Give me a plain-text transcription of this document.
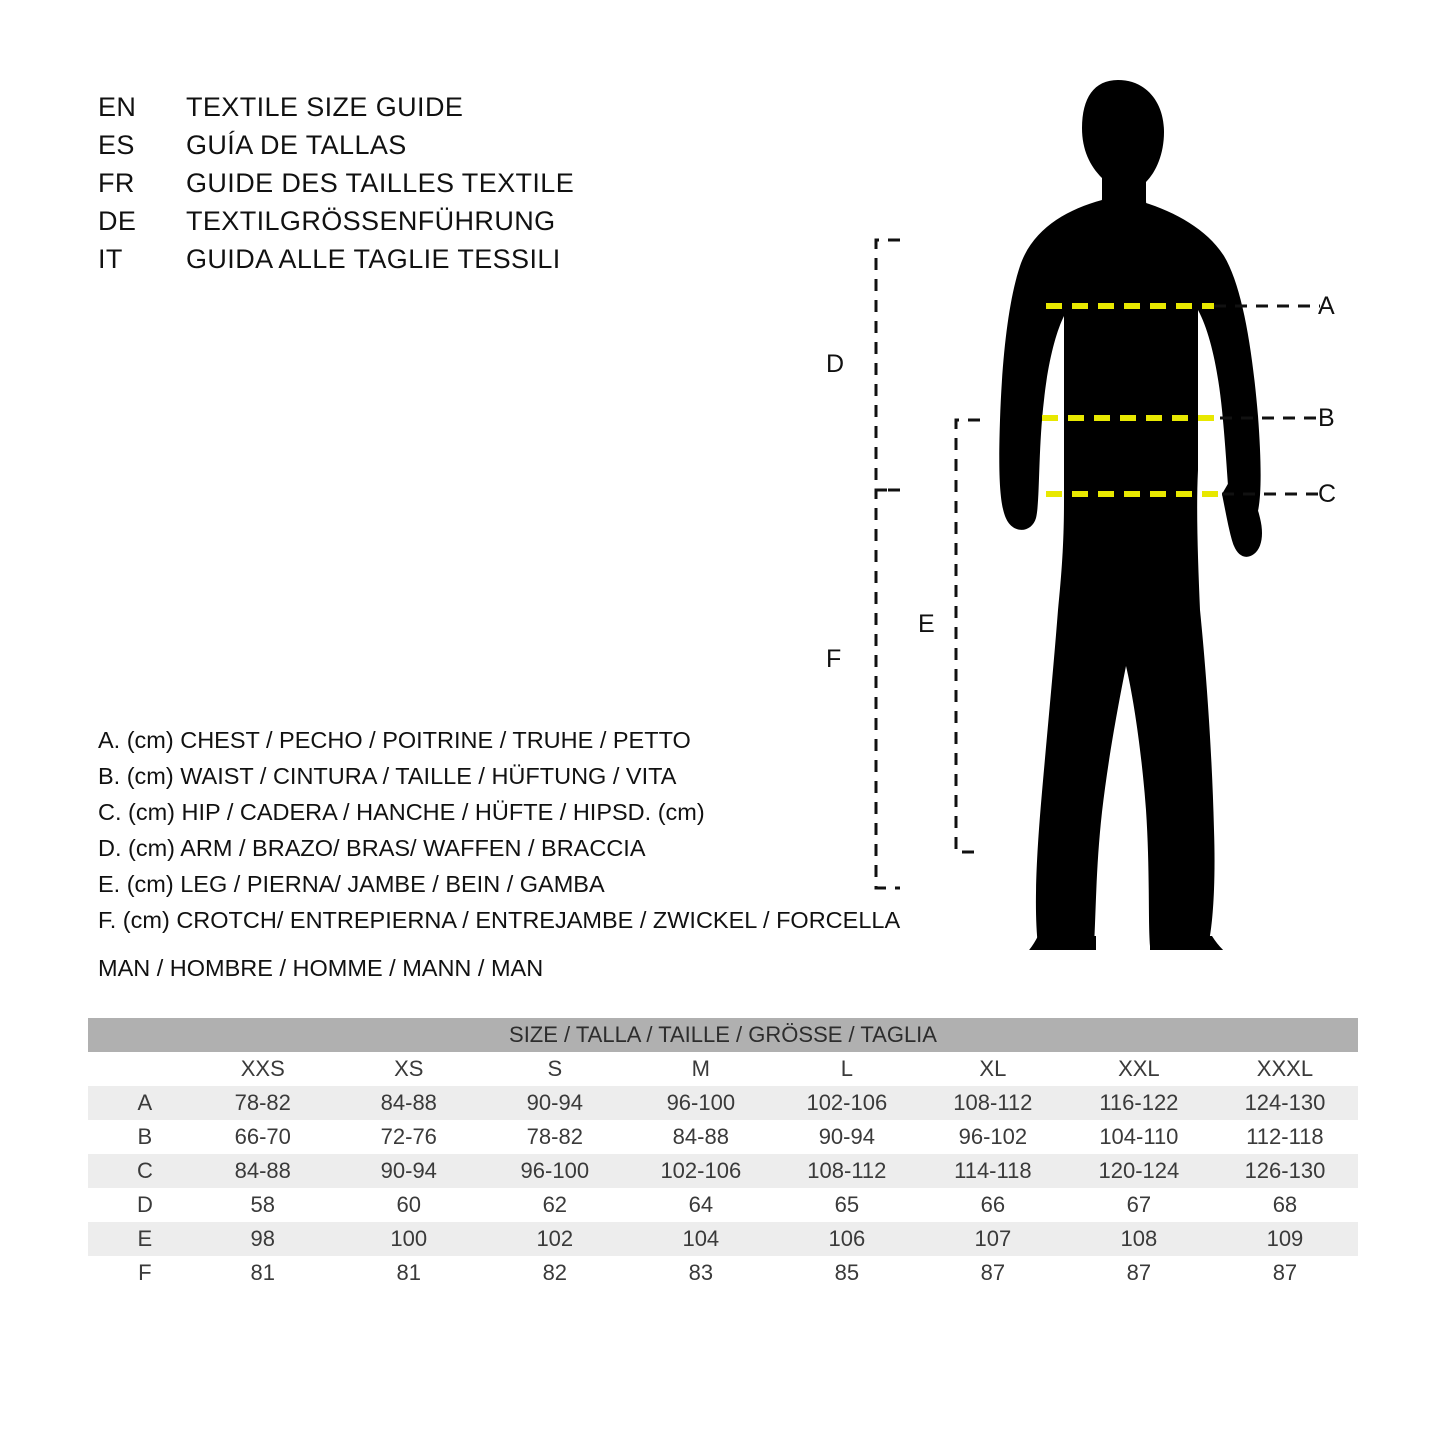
EN	TEXTILE SIZE GUIDE
ES	GUÍA DE TALLAS
FR	GUIDE DES TAILLES TEXTILE
DE	TEXTILGRÖSSENFÜHRUNG
IT	GUIDA ALLE TAGLIE TESSILI
A. (cm) CHEST / PECHO / POITRINE / TRUHE / PETTO
B. (cm) WAIST / CINTURA / TAILLE / HÜFTUNG / VITA
C. (cm) HIP / CADERA / HANCHE / HÜFTE / HIPSD. (cm)
D. (cm) ARM / BRAZO/ BRAS/ WAFFEN / BRACCIA
E. (cm) LEG / PIERNA/ JAMBE / BEIN / GAMBA
F. (cm) CROTCH/ ENTREPIERNA / ENTREJAMBE / ZWICKEL / FORCELLA
MAN / HOMBRE / HOMME / MANN / MAN
A
B
C
D
E
F
SIZE / TALLA / TAILLE / GRÖSSE / TAGLIA								
	XXS	XS	S	M	L	XL	XXL	XXXL
A	78-82	84-88	90-94	96-100	102-106	108-112	116-122	124-130
B	66-70	72-76	78-82	84-88	90-94	96-102	104-110	112-118
C	84-88	90-94	96-100	102-106	108-112	114-118	120-124	126-130
D	58	60	62	64	65	66	67	68
E	98	100	102	104	106	107	108	109
F	81	81	82	83	85	87	87	87
